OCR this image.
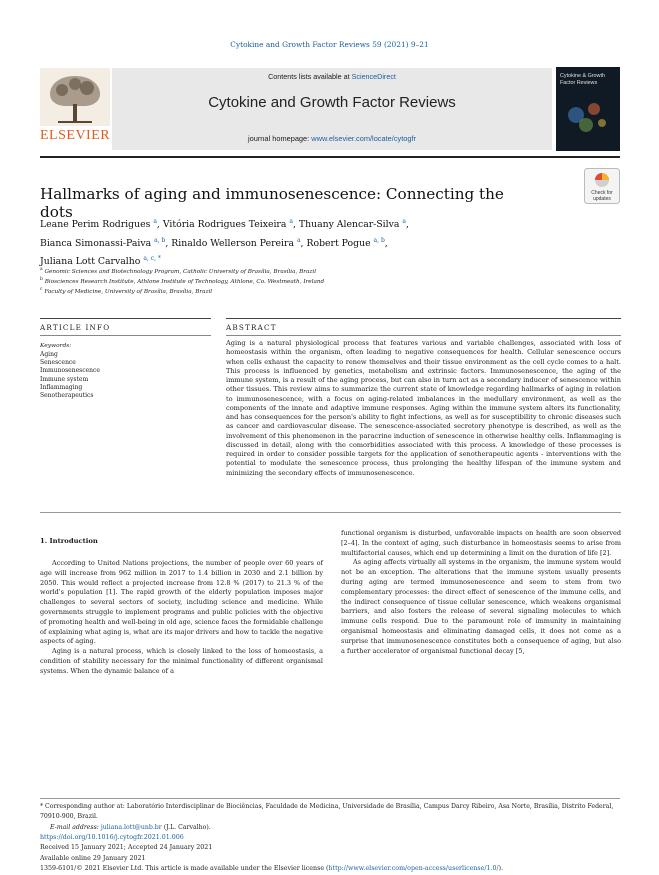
Cytokine and Growth Factor Reviews 59 (2021) 9–21
ELSEVIER
Contents lists available at ScienceDirect
Cytokine and Growth Factor Reviews
journal homepage: www.elsevier.com/locate/cytogfr
Cytokine & Growth Factor Reviews
Hallmarks of aging and immunosenescence: Connecting the dots
Check for
updates
Leane Perim Rodrigues $^a$, Vitória Rodrigues Teixeira $^a$, Thuany Alencar-Silva $^a$,
Bianca Simonassi-Paiva $^{a, b}$, Rinaldo Wellerson Pereira $^a$, Robert Pogue $^{a, b}$,
Juliana Lott Carvalho $^{a, c, *}$
$^a$ Genomic Sciences and Biotechnology Program, Catholic University of Brasília, Brasília, Brazil
$^b$ Biosciences Research Institute, Athlone Institute of Technology, Athlone, Co. Westmeath, Ireland
$^c$ Faculty of Medicine, University of Brasília, Brasília, Brazil
ARTICLE INFO	ABSTRACT
Keywords:
Aging
Senescence
Immunosenescence
Immune system
Inflammaging
Senotherapeutics
Aging is a natural physiological process that features various and variable challenges, associated with loss of homeostasis within the organism, often leading to negative consequences for health. Cellular senescence occurs when cells exhaust the capacity to renew themselves and their tissue environment as the cell cycle comes to a halt. This process is influenced by genetics, metabolism and extrinsic factors. Immunosenescence, the aging of the immune system, is a result of the aging process, but can also in turn act as a secondary inducer of senescence within other tissues. This review aims to summarize the current state of knowledge regarding hallmarks of aging in relation to immunosenescence, with a focus on aging-related imbalances in the medullary environment, as well as the components of the innate and adaptive immune responses. Aging within the immune system alters its functionality, and has consequences for the person's ability to fight infections, as well as for susceptibility to chronic diseases such as cancer and cardiovascular disease. The senescence-associated secretory phenotype is described, as well as the involvement of this phenomenon in the paracrine induction of senescence in otherwise healthy cells. Inflammaging is discussed in detail, along with the comorbidities associated with this process. A knowledge of these processes is required in order to consider possible targets for the application of senotherapeutic agents - interventions with the potential to modulate the senescence process, thus prolonging the healthy lifespan of the immune system and minimizing the secondary effects of immunosenescence.
1. Introduction

According to United Nations projections, the number of people over 60 years of age will increase from 962 million in 2017 to 1.4 billion in 2030 and 2.1 billion by 2050. This would reflect a projected increase from 12.8 % (2017) to 21.3 % of the world's population [1]. The rapid growth of the elderly population imposes major challenges to several sectors of society, including science and medicine. While governments struggle to implement programs and public policies with the objective of promoting health and well-being in old age, science faces the formidable challenge of explaining what aging is, what are its major drivers and how to tackle the negative aspects of aging.

Aging is a natural process, which is closely linked to the loss of homeostasis, a condition of stability necessary for the minimal functionality of different organismal systems. When the dynamic balance of a

functional organism is disturbed, unfavorable impacts on health are soon observed [2–4]. In the context of aging, such disturbance in homeostasis seems to arise from multifactorial causes, which end up determining a limit on the duration of life [2].

As aging affects virtually all systems in the organism, the immune system would not be an exception. The alterations that the immune system usually presents during aging are termed immunosenescence and seem to stem from two complementary processes: the direct effect of senescence of the immune cells, and the indirect consequence of tissue cellular senescence, which weakens organismal barriers, and also fosters the release of several signaling molecules to which immune cells respond. Due to the paramount role of immunity in maintaining organismal homeostasis and eliminating damaged cells, it does not come as a surprise that immunosenescence constitutes both a consequence of aging, but also a further accelerator of organismal functional decay [5,

* Corresponding author at: Laboratório Interdisciplinar de Biociências, Faculdade de Medicina, Universidade de Brasília, Campus Darcy Ribeiro, Asa Norte, Brasília, Distrito Federal, 70910-900, Brazil.

E-mail address: juliana.lott@unb.br (J.L. Carvalho).

https://doi.org/10.1016/j.cytogfr.2021.01.006

Received 15 January 2021; Accepted 24 January 2021

Available online 29 January 2021

1359-6101/© 2021 Elsevier Ltd. This article is made available under the Elsevier license (http://www.elsevier.com/open-access/userlicense/1.0/).
